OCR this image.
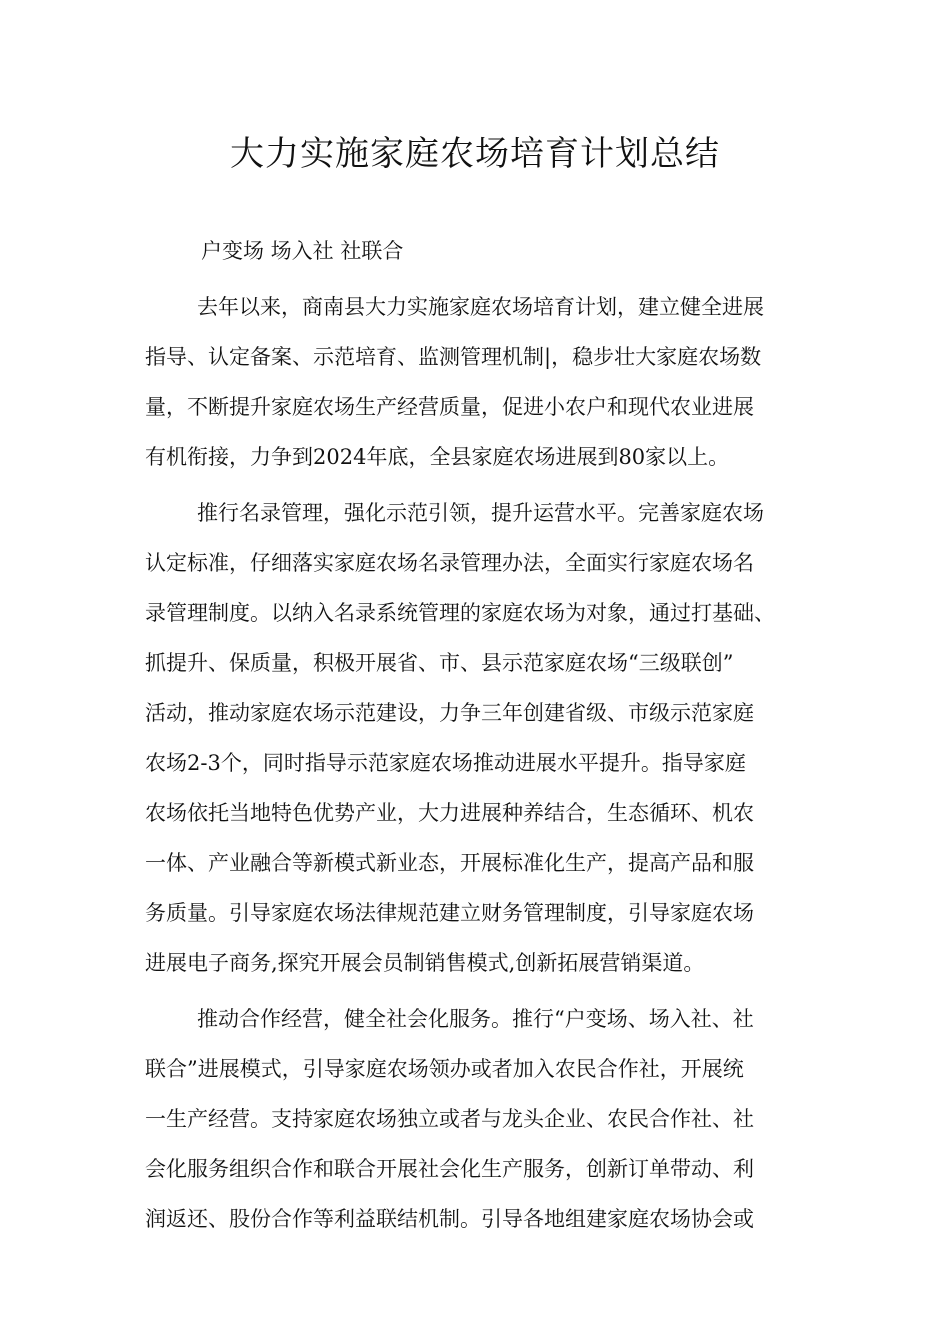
大力实施家庭农场培育计划总结
户变场 场入社 社联合
去年以来，商南县大力实施家庭农场培育计划，建立健全进展
指导、认定备案、示范培育、监测管理机制|，稳步壮大家庭农场数
量，不断提升家庭农场生产经营质量，促进小农户和现代农业进展
有机衔接，力争到2024年底，全县家庭农场进展到80家以上。
推行名录管理，强化示范引领，提升运营水平。完善家庭农场
认定标准，仔细落实家庭农场名录管理办法，全面实行家庭农场名
录管理制度。以纳入名录系统管理的家庭农场为对象，通过打基础、
抓提升、保质量，积极开展省、市、县示范家庭农场“三级联创”
活动，推动家庭农场示范建设，力争三年创建省级、市级示范家庭
农场2-3个，同时指导示范家庭农场推动进展水平提升。指导家庭
农场依托当地特色优势产业，大力进展种养结合，生态循环、机农
一体、产业融合等新模式新业态，开展标准化生产，提高产品和服
务质量。引导家庭农场法律规范建立财务管理制度，引导家庭农场
进展电子商务,探究开展会员制销售模式,创新拓展营销渠道。
推动合作经营，健全社会化服务。推行“户变场、场入社、社
联合”进展模式，引导家庭农场领办或者加入农民合作社，开展统
一生产经营。支持家庭农场独立或者与龙头企业、农民合作社、社
会化服务组织合作和联合开展社会化生产服务，创新订单带动、利
润返还、股份合作等利益联结机制。引导各地组建家庭农场协会或
